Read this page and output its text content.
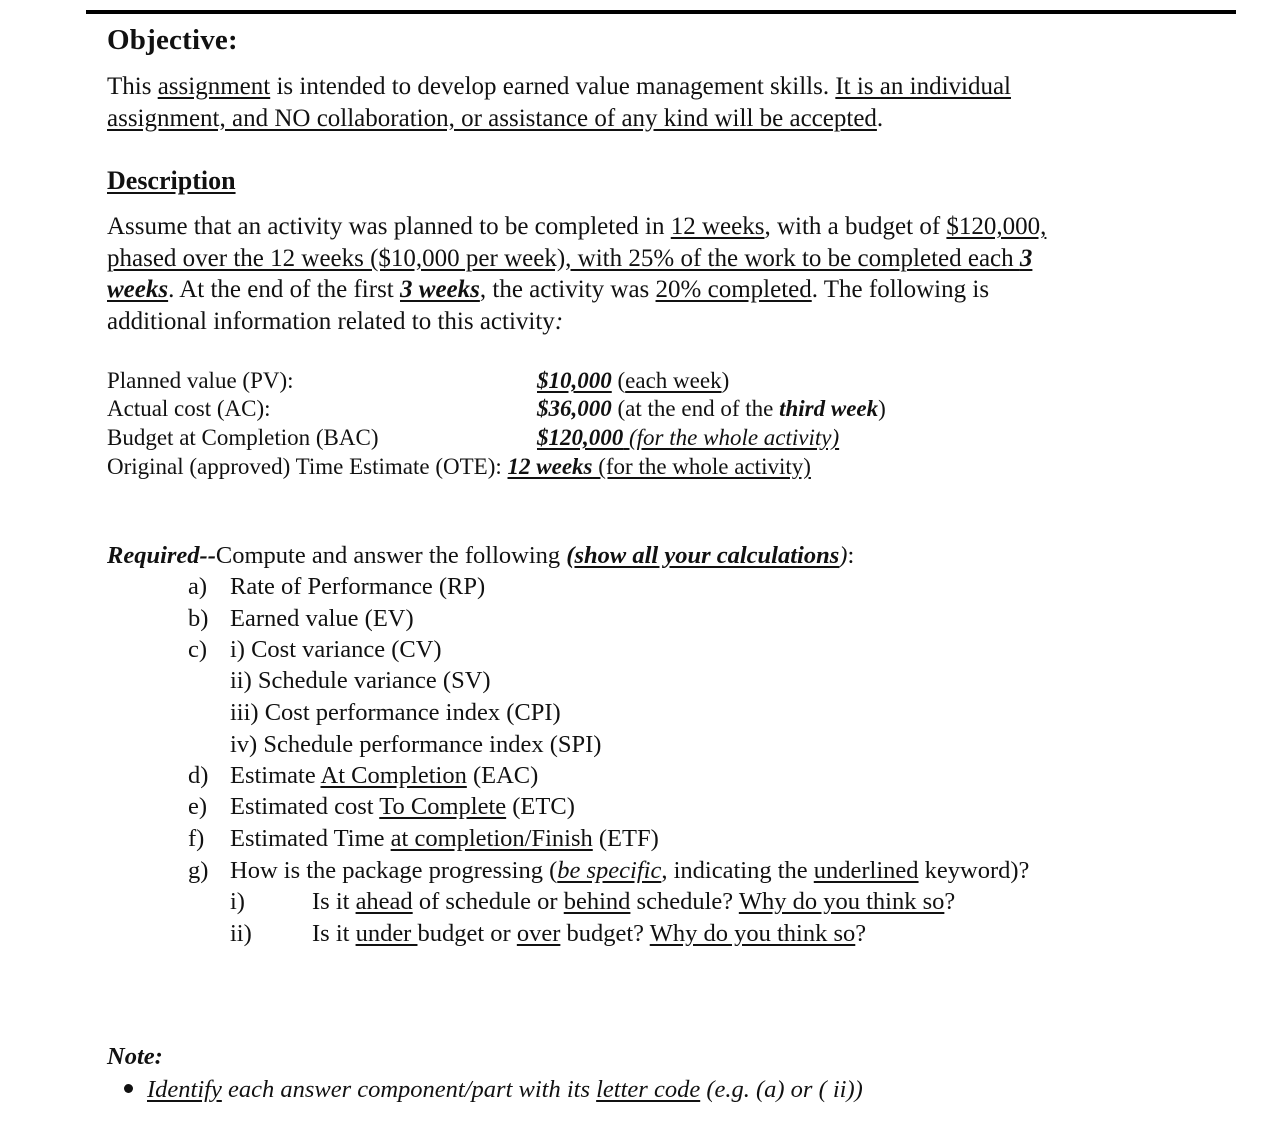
Objective:
This assignment is intended to develop earned value management skills. It is an individual
assignment, and NO collaboration, or assistance of any kind will be accepted.
Description
Assume that an activity was planned to be completed in 12 weeks, with a budget of $120,000,
phased over the 12 weeks ($10,000 per week), with 25% of the work to be completed each 3
weeks. At the end of the first 3 weeks, the activity was 20% completed. The following is
additional information related to this activity:
Planned value (PV):	$10,000 (each week)
Actual cost (AC):	$36,000 (at the end of the third week)
Budget at Completion (BAC)	$120,000 (for the whole activity)
Original (approved) Time Estimate (OTE): 12 weeks (for the whole activity)
Required--Compute and answer the following (show all your calculations):
a) Rate of Performance (RP)
b) Earned value (EV)
c) i) Cost variance (CV)
ii) Schedule variance (SV)
iii) Cost performance index (CPI)
iv) Schedule performance index (SPI)
d) Estimate At Completion (EAC)
e) Estimated cost To Complete (ETC)
f) Estimated Time at completion/Finish (ETF)
g) How is the package progressing (be specific, indicating the underlined keyword)?
i)	Is it ahead of schedule or behind schedule? Why do you think so?
ii) Is it under budget or over budget? Why do you think so?
Note:
Identify each answer component/part with its letter code (e.g. (a) or ( ii))
